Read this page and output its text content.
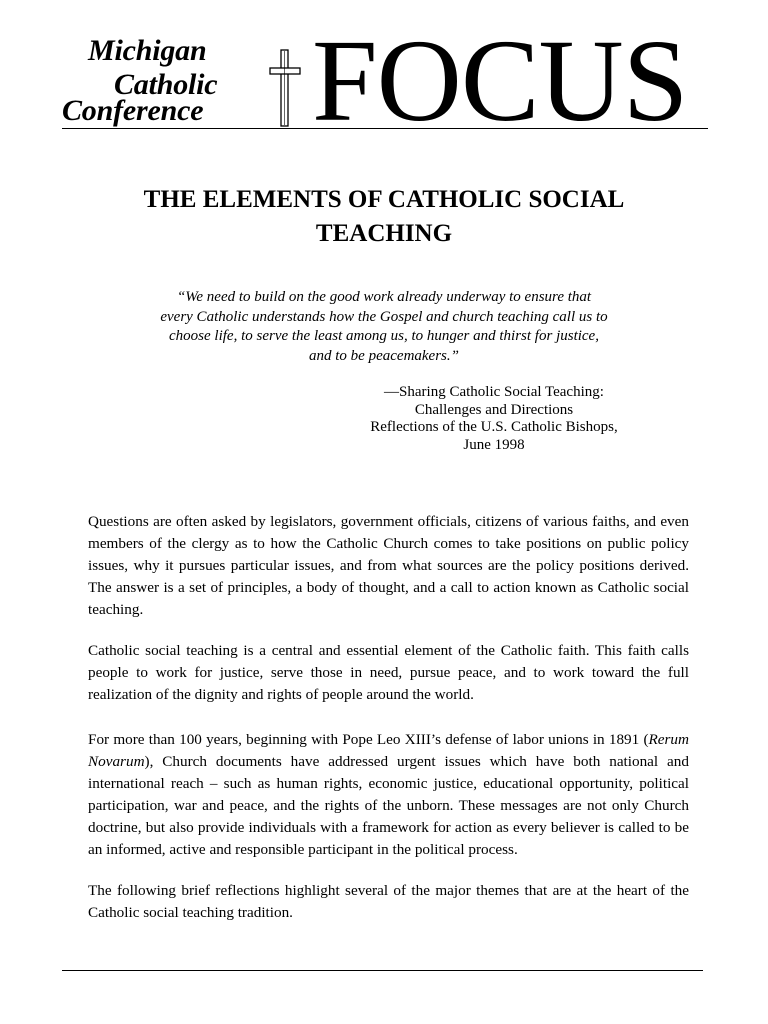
Michigan
Catholic
Conference FOCUS
THE ELEMENTS OF CATHOLIC SOCIAL TEACHING

“We need to build on the good work already underway to ensure that every Catholic understands how the Gospel and church teaching call us to choose life, to serve the least among us, to hunger and thirst for justice, and to be peacemakers.”

—Sharing Catholic Social Teaching:
Challenges and Directions
Reflections of the U.S. Catholic Bishops,
June 1998

Questions are often asked by legislators, government officials, citizens of various faiths, and even members of the clergy as to how the Catholic Church comes to take positions on public policy issues, why it pursues particular issues, and from what sources are the policy positions derived. The answer is a set of principles, a body of thought, and a call to action known as Catholic social teaching.

Catholic social teaching is a central and essential element of the Catholic faith. This faith calls people to work for justice, serve those in need, pursue peace, and to work toward the full realization of the dignity and rights of people around the world.

For more than 100 years, beginning with Pope Leo XIII’s defense of labor unions in 1891 (Rerum Novarum), Church documents have addressed urgent issues which have both national and international reach – such as human rights, economic justice, educational opportunity, political participation, war and peace, and the rights of the unborn. These messages are not only Church doctrine, but also provide individuals with a framework for action as every believer is called to be an informed, active and responsible participant in the political process.

The following brief reflections highlight several of the major themes that are at the heart of the Catholic social teaching tradition.
